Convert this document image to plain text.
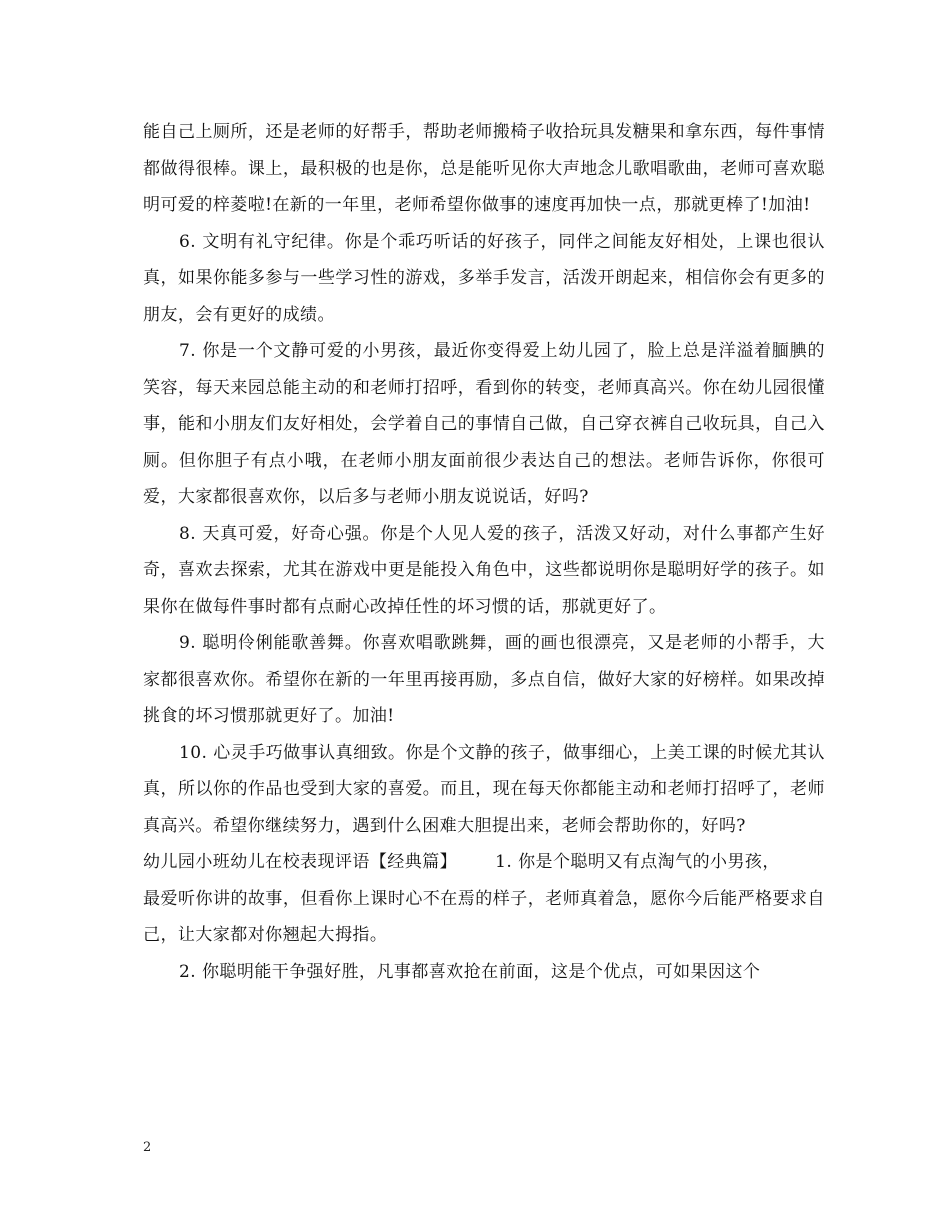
能自己上厕所，还是老师的好帮手，帮助老师搬椅子收拾玩具发糖果和拿东西，每件事情都做得很棒。课上，最积极的也是你，总是能听见你大声地念儿歌唱歌曲，老师可喜欢聪明可爱的梓菱啦!在新的一年里，老师希望你做事的速度再加快一点，那就更棒了!加油!

6. 文明有礼守纪律。你是个乖巧听话的好孩子，同伴之间能友好相处，上课也很认真，如果你能多参与一些学习性的游戏，多举手发言，活泼开朗起来，相信你会有更多的朋友，会有更好的成绩。

7. 你是一个文静可爱的小男孩，最近你变得爱上幼儿园了，脸上总是洋溢着腼腆的笑容，每天来园总能主动的和老师打招呼，看到你的转变，老师真高兴。你在幼儿园很懂事，能和小朋友们友好相处，会学着自己的事情自己做，自己穿衣裤自己收玩具，自己入厕。但你胆子有点小哦，在老师小朋友面前很少表达自己的想法。老师告诉你，你很可爱，大家都很喜欢你，以后多与老师小朋友说说话，好吗?

8. 天真可爱，好奇心强。你是个人见人爱的孩子，活泼又好动，对什么事都产生好奇，喜欢去探索，尤其在游戏中更是能投入角色中，这些都说明你是聪明好学的孩子。如果你在做每件事时都有点耐心改掉任性的坏习惯的话，那就更好了。

9. 聪明伶俐能歌善舞。你喜欢唱歌跳舞，画的画也很漂亮，又是老师的小帮手，大家都很喜欢你。希望你在新的一年里再接再励，多点自信，做好大家的好榜样。如果改掉挑食的坏习惯那就更好了。加油!

10. 心灵手巧做事认真细致。你是个文静的孩子，做事细心，上美工课的时候尤其认真，所以你的作品也受到大家的喜爱。而且，现在每天你都能主动和老师打招呼了，老师真高兴。希望你继续努力，遇到什么困难大胆提出来，老师会帮助你的，好吗?

幼儿园小班幼儿在校表现评语【经典篇】 1. 你是个聪明又有点淘气的小男孩，

最爱听你讲的故事，但看你上课时心不在焉的样子，老师真着急，愿你今后能严格要求自己，让大家都对你翘起大拇指。

2. 你聪明能干争强好胜，凡事都喜欢抢在前面，这是个优点，可如果因这个

2
